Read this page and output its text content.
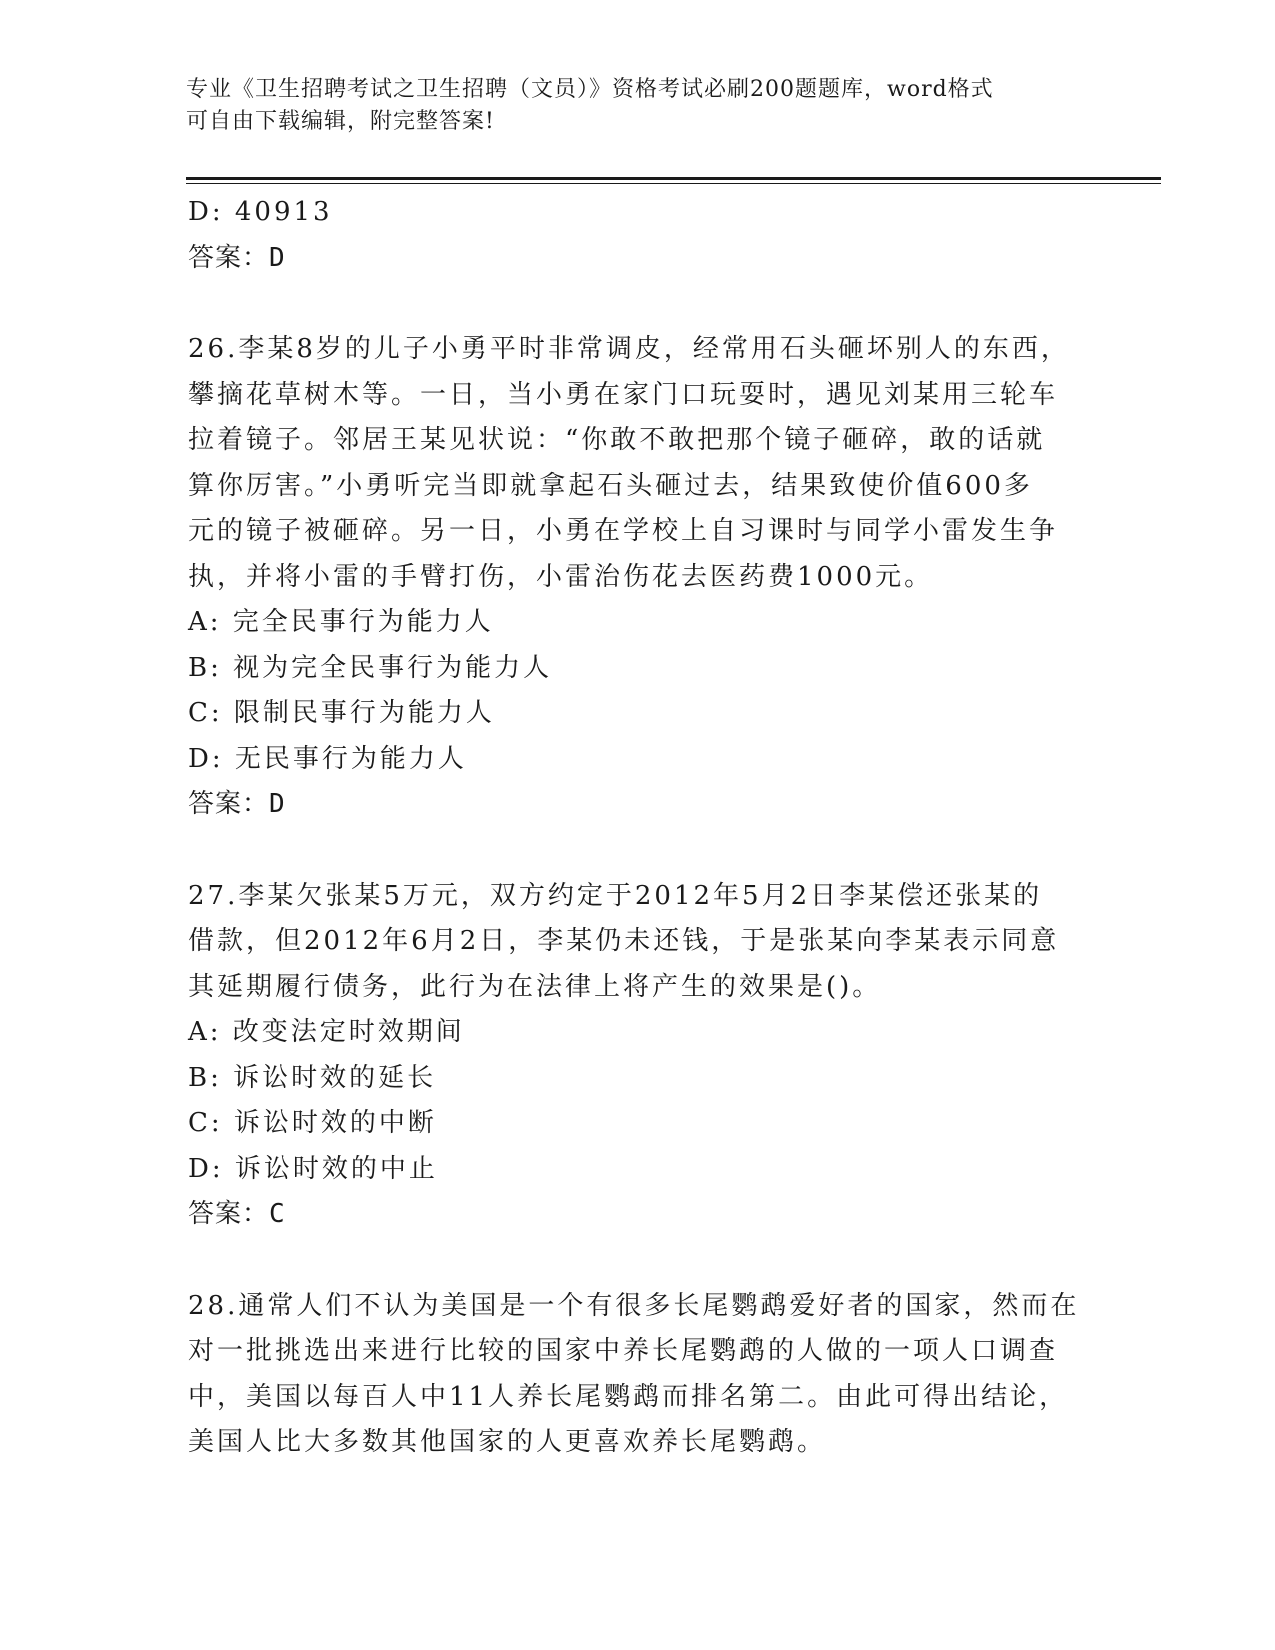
专业《卫生招聘考试之卫生招聘（文员）》资格考试必刷200题题库，word格式
可自由下载编辑，附完整答案!
D: 40913
答案：D
26.李某8岁的儿子小勇平时非常调皮，经常用石头砸坏别人的东西，
攀摘花草树木等。一日，当小勇在家门口玩耍时，遇见刘某用三轮车
拉着镜子。邻居王某见状说：“你敢不敢把那个镜子砸碎，敢的话就
算你厉害。”小勇听完当即就拿起石头砸过去，结果致使价值600多
元的镜子被砸碎。另一日，小勇在学校上自习课时与同学小雷发生争
执，并将小雷的手臂打伤，小雷治伤花去医药费1000元。
A: 完全民事行为能力人
B: 视为完全民事行为能力人
C: 限制民事行为能力人
D: 无民事行为能力人
答案：D
27.李某欠张某5万元，双方约定于2012年5月2日李某偿还张某的
借款，但2012年6月2日，李某仍未还钱，于是张某向李某表示同意
其延期履行债务，此行为在法律上将产生的效果是()。
A: 改变法定时效期间
B: 诉讼时效的延长
C: 诉讼时效的中断
D: 诉讼时效的中止
答案：C
28.通常人们不认为美国是一个有很多长尾鹦鹉爱好者的国家，然而在
对一批挑选出来进行比较的国家中养长尾鹦鹉的人做的一项人口调查
中，美国以每百人中11人养长尾鹦鹉而排名第二。由此可得出结论，
美国人比大多数其他国家的人更喜欢养长尾鹦鹉。
